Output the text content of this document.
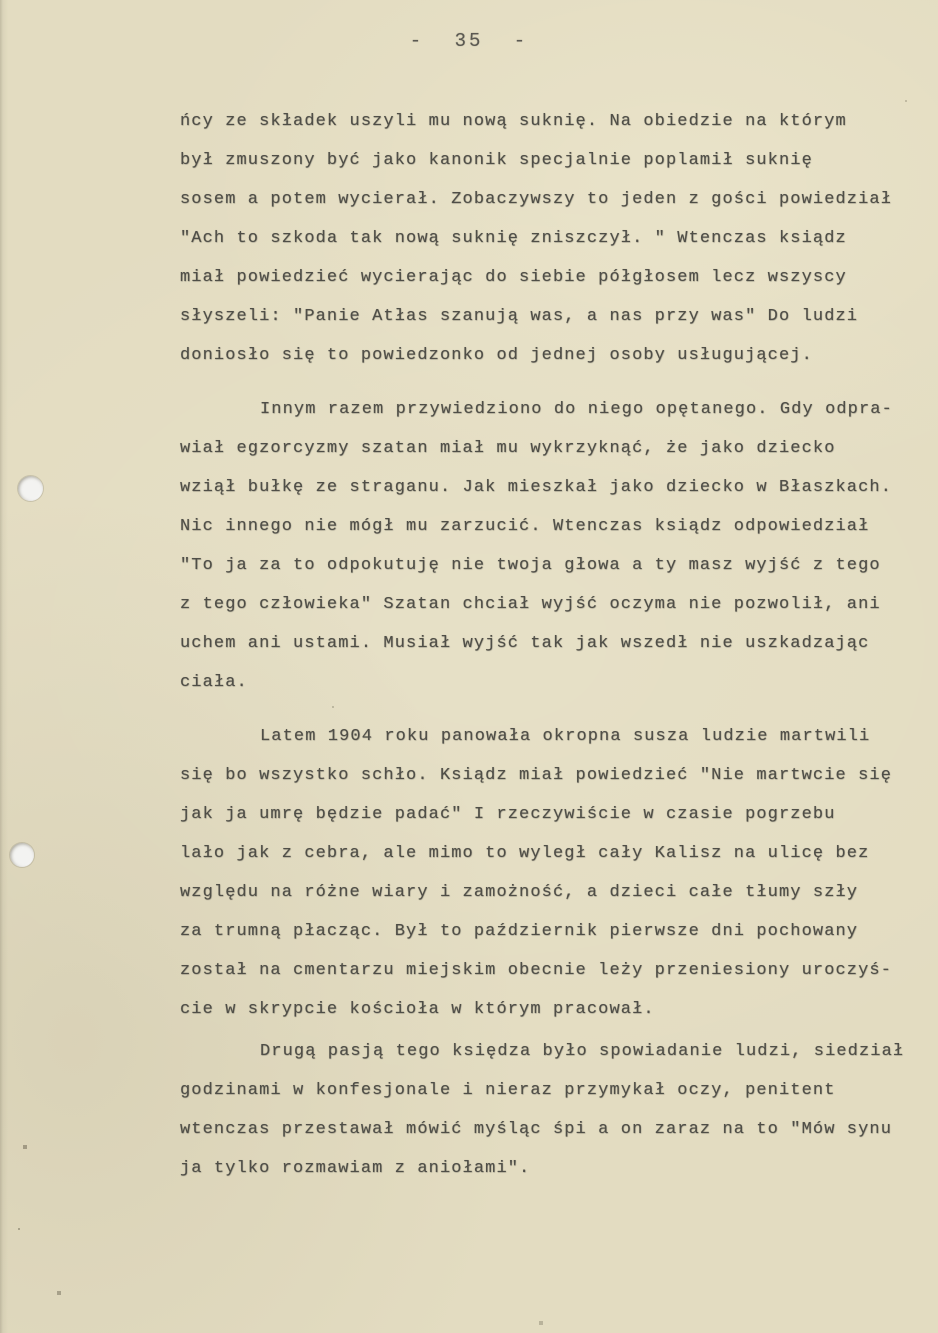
- 35 -

ńcy ze składek uszyli mu nową suknię. Na obiedzie na którym
był zmuszony być jako kanonik specjalnie poplamił suknię
sosem a potem wycierał. Zobaczywszy to jeden z gości powiedział
"Ach to szkoda tak nową suknię zniszczył. " Wtenczas ksiądz
miał powiedzieć wycierając do siebie półgłosem lecz wszyscy
słyszeli: "Panie Atłas szanują was, a nas przy was" Do ludzi
doniosło się to powiedzonko od jednej osoby usługującej.

Innym razem przywiedziono do niego opętanego. Gdy odpra-
wiał egzorcyzmy szatan miał mu wykrzyknąć, że jako dziecko
wziął bułkę ze straganu. Jak mieszkał jako dziecko w Błaszkach.
Nic innego nie mógł mu zarzucić. Wtenczas ksiądz odpowiedział
"To ja za to odpokutuję nie twoja głowa a ty masz wyjść z tego
z tego człowieka" Szatan chciał wyjść oczyma nie pozwolił, ani
uchem ani ustami. Musiał wyjść tak jak wszedł nie uszkadzając
ciała.

Latem 1904 roku panowała okropna susza ludzie martwili
się bo wszystko schło. Ksiądz miał powiedzieć "Nie martwcie się
jak ja umrę będzie padać" I rzeczywiście w czasie pogrzebu
lało jak z cebra, ale mimo to wyległ cały Kalisz na ulicę bez
względu na różne wiary i zamożność, a dzieci całe tłumy szły
za trumną płacząc. Był to październik pierwsze dni pochowany
został na cmentarzu miejskim obecnie leży przeniesiony uroczyś-
cie w skrypcie kościoła w którym pracował.

Drugą pasją tego księdza było spowiadanie ludzi, siedział
godzinami w konfesjonale i nieraz przymykał oczy, penitent
wtenczas przestawał mówić myśląc śpi a on zaraz na to "Mów synu
ja tylko rozmawiam z aniołami".
